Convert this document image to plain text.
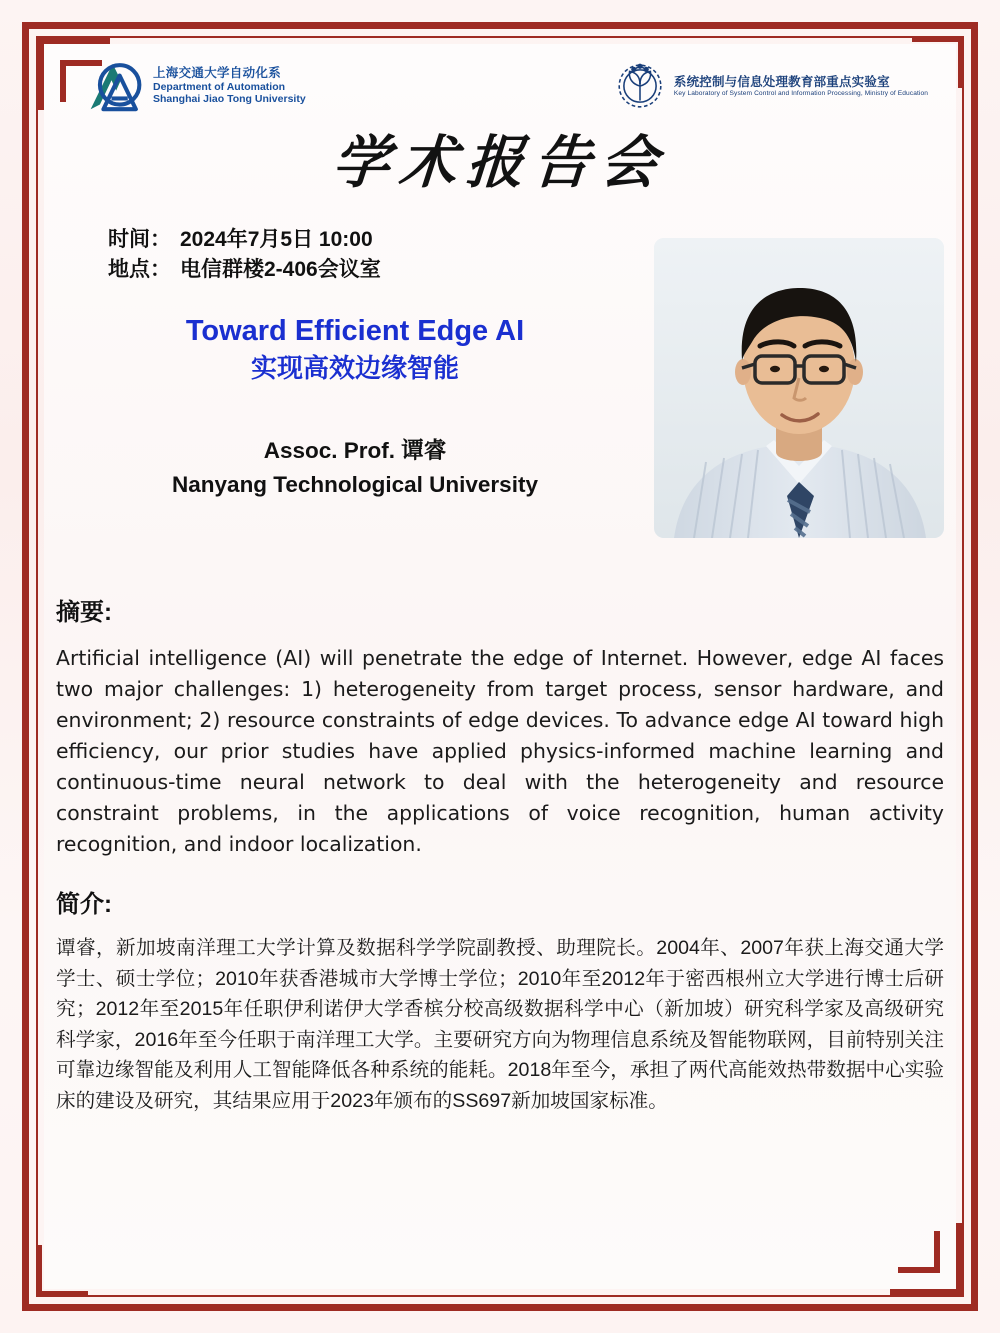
上海交通大学自动化系
Department of Automation
Shanghai Jiao Tong University
系统控制与信息处理教育部重点实验室
Key Laboratory of System Control and Information Processing, Ministry of Education
学术报告会
时间： 2024年7月5日 10:00
地点： 电信群楼2-406会议室
Toward Efficient Edge AI
实现高效边缘智能
Assoc. Prof. 谭睿
Nanyang Technological University
摘要:
Artificial intelligence (AI) will penetrate the edge of Internet. However, edge AI faces two major challenges: 1) heterogeneity from target process, sensor hardware, and environment; 2) resource constraints of edge devices. To advance edge AI toward high efficiency, our prior studies have applied physics-informed machine learning and continuous-time neural network to deal with the heterogeneity and resource constraint problems, in the applications of voice recognition, human activity recognition, and indoor localization.
简介:
谭睿，新加坡南洋理工大学计算及数据科学学院副教授、助理院长。2004年、2007年获上海交通大学学士、硕士学位；2010年获香港城市大学博士学位；2010年至2012年于密西根州立大学进行博士后研究；2012年至2015年任职伊利诺伊大学香槟分校高级数据科学中心（新加坡）研究科学家及高级研究科学家，2016年至今任职于南洋理工大学。主要研究方向为物理信息系统及智能物联网，目前特别关注可靠边缘智能及利用人工智能降低各种系统的能耗。2018年至今，承担了两代高能效热带数据中心实验床的建设及研究，其结果应用于2023年颁布的SS697新加坡国家标准。
